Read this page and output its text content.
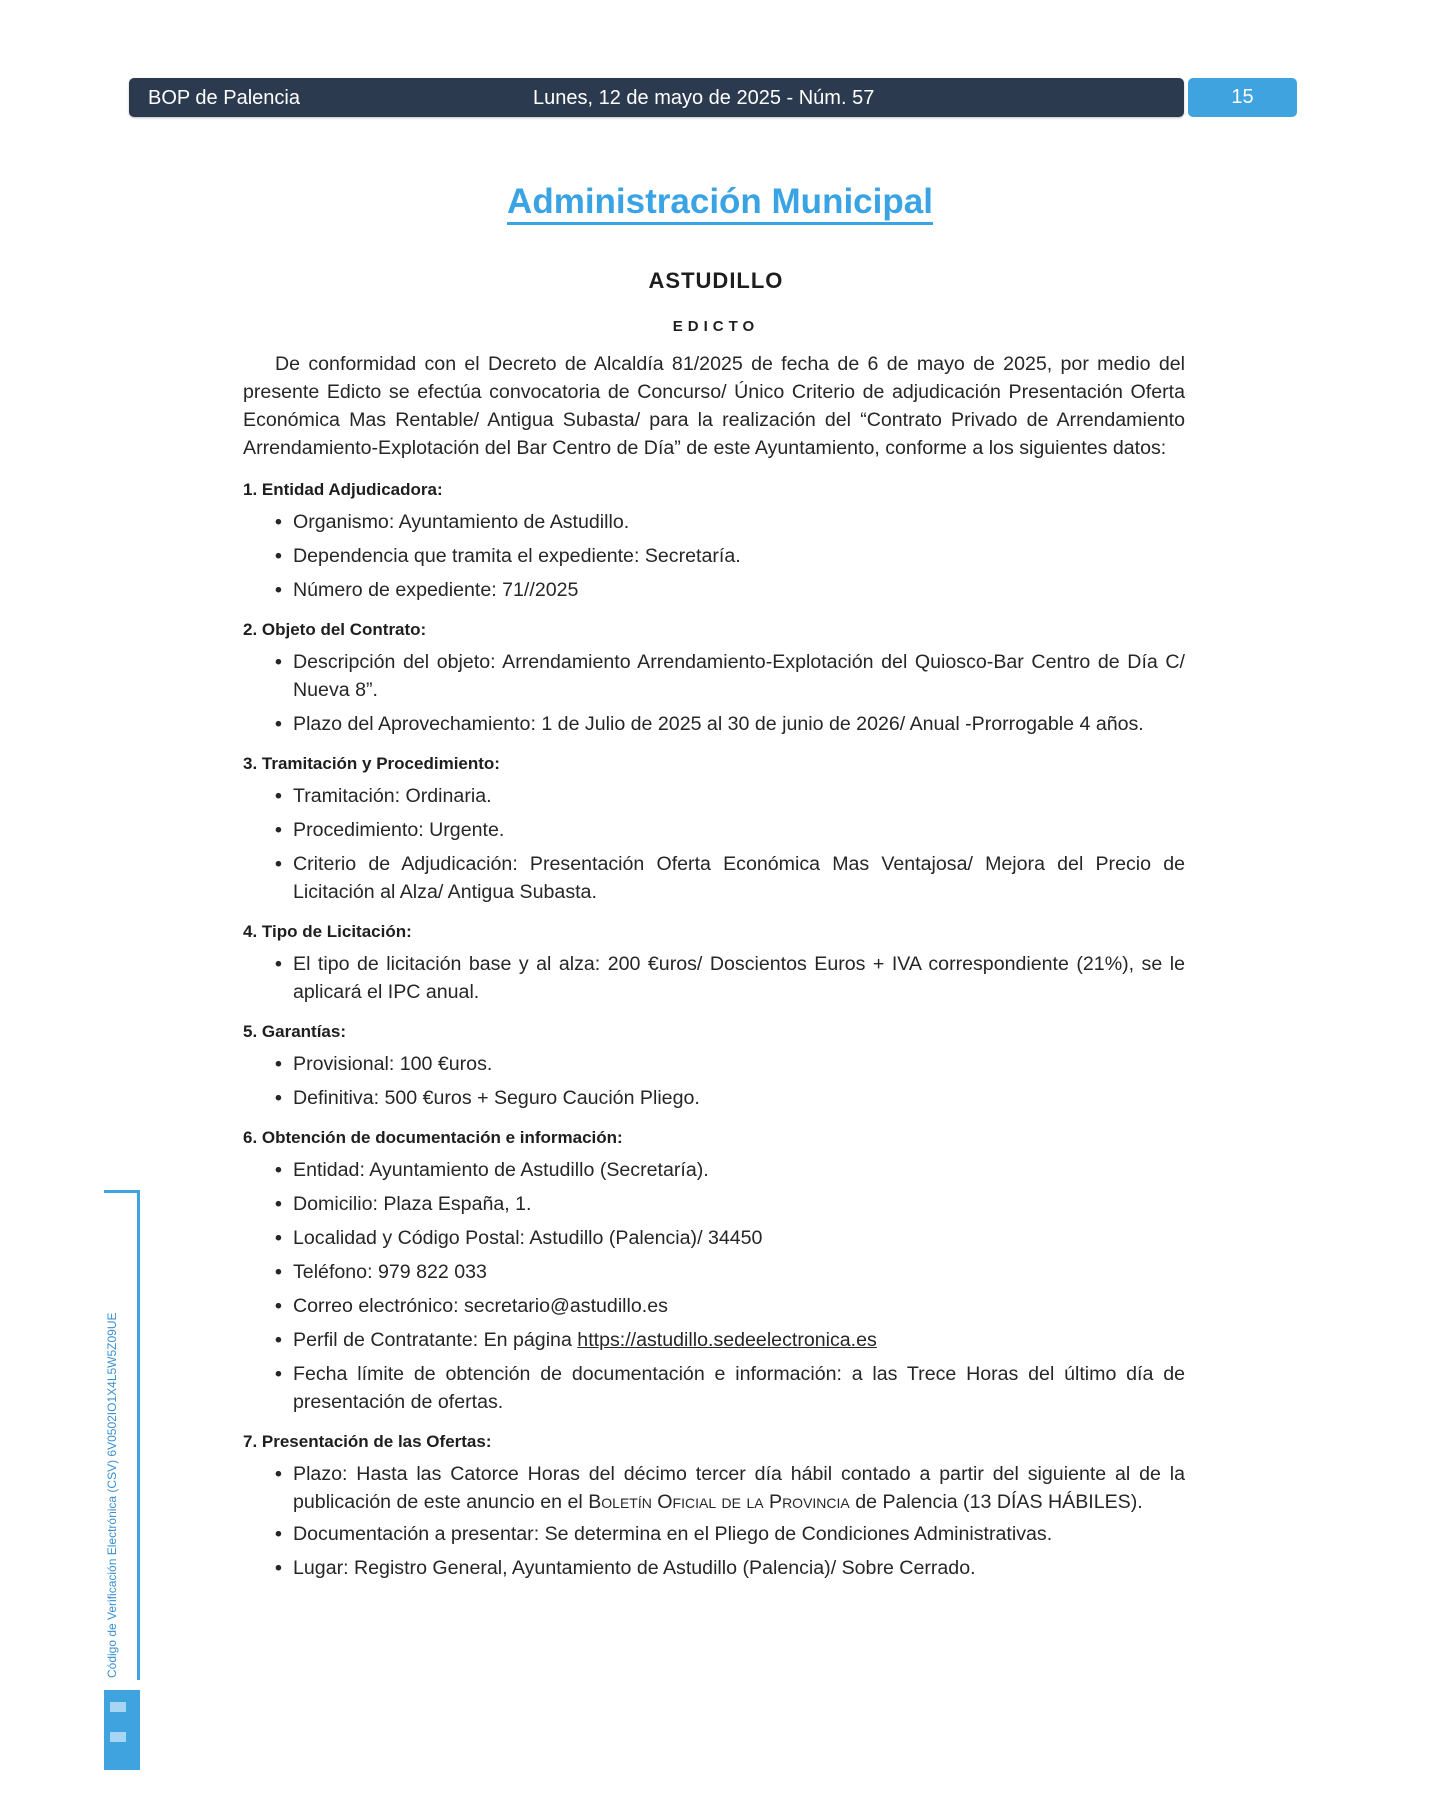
BOP de Palencia	Lunes, 12 de mayo de 2025 - Núm. 57	15
Administración Municipal
ASTUDILLO
EDICTO

De conformidad con el Decreto de Alcaldía 81/2025 de fecha de 6 de mayo de 2025, por medio del presente Edicto se efectúa convocatoria de Concurso/ Único Criterio de adjudicación Presentación Oferta Económica Mas Rentable/ Antigua Subasta/ para la realización del “Contrato Privado de Arrendamiento Arrendamiento-Explotación del Bar Centro de Día” de este Ayuntamiento, conforme a los siguientes datos:

1. Entidad Adjudicadora:

• Organismo: Ayuntamiento de Astudillo.
• Dependencia que tramita el expediente: Secretaría.
• Número de expediente: 71//2025

2. Objeto del Contrato:

• Descripción del objeto: Arrendamiento Arrendamiento-Explotación del Quiosco-Bar Centro de Día C/ Nueva 8”.
• Plazo del Aprovechamiento: 1 de Julio de 2025 al 30 de junio de 2026/ Anual -Prorrogable 4 años.

3. Tramitación y Procedimiento:

• Tramitación: Ordinaria.
• Procedimiento: Urgente.
• Criterio de Adjudicación: Presentación Oferta Económica Mas Ventajosa/ Mejora del Precio de Licitación al Alza/ Antigua Subasta.

4. Tipo de Licitación:

• El tipo de licitación base y al alza: 200 €uros/ Doscientos Euros + IVA correspondiente (21%), se le aplicará el IPC anual.

5. Garantías:

• Provisional: 100 €uros.
• Definitiva: 500 €uros + Seguro Caución Pliego.

6. Obtención de documentación e información:

• Entidad: Ayuntamiento de Astudillo (Secretaría).
• Domicilio: Plaza España, 1.
• Localidad y Código Postal: Astudillo (Palencia)/ 34450
• Teléfono: 979 822 033
• Correo electrónico: secretario@astudillo.es
• Perfil de Contratante: En página https://astudillo.sedeelectronica.es
• Fecha límite de obtención de documentación e información: a las Trece Horas del último día de presentación de ofertas.

7. Presentación de las Ofertas:

• Plazo: Hasta las Catorce Horas del décimo tercer día hábil contado a partir del siguiente al de la publicación de este anuncio en el Boletín Oficial de la Provincia de Palencia (13 DÍAS HÁBILES).
• Documentación a presentar: Se determina en el Pliego de Condiciones Administrativas.
• Lugar: Registro General, Ayuntamiento de Astudillo (Palencia)/ Sobre Cerrado.
Código de Verificación Electrónica (CSV) 6V0502IO1X4L5W5Z09UE
